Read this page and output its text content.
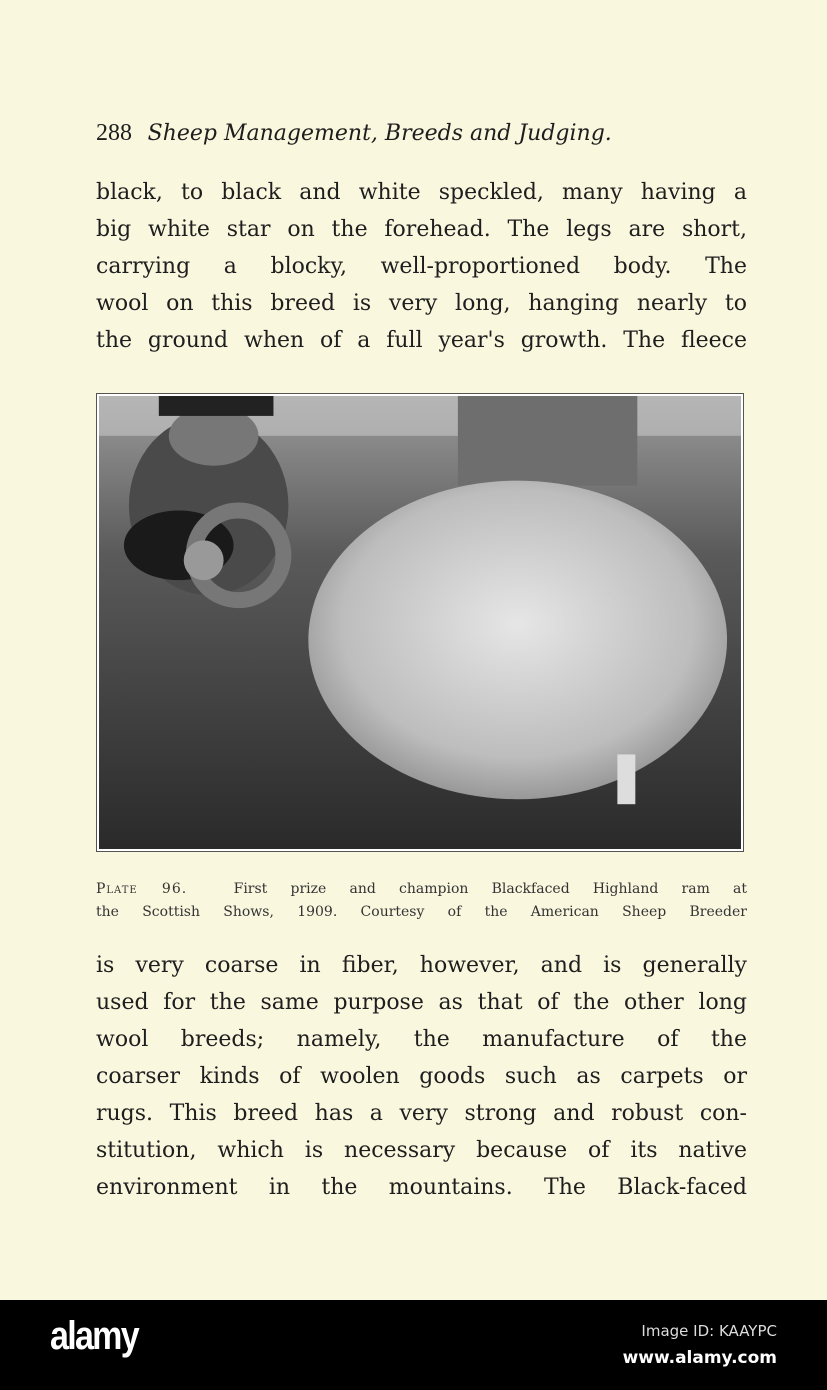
288 Sheep Management, Breeds and Judging.
black, to black and white speckled, many having a
big white star on the forehead. The legs are short,
carrying a blocky, well-proportioned body. The
wool on this breed is very long, hanging nearly to
the ground when of a full year's growth. The fleece
Plate 96.	First prize and champion Blackfaced Highland ram at
the Scottish Shows, 1909. Courtesy of the American Sheep Breeder
is very coarse in fiber, however, and is generally
used for the same purpose as that of the other long
wool breeds; namely, the manufacture of the
coarser kinds of woolen goods such as carpets or
rugs. This breed has a very strong and robust con-
stitution, which is necessary because of its native
environment in the mountains. The Black-faced
alamy	Image ID: KAAYPC
www.alamy.com
